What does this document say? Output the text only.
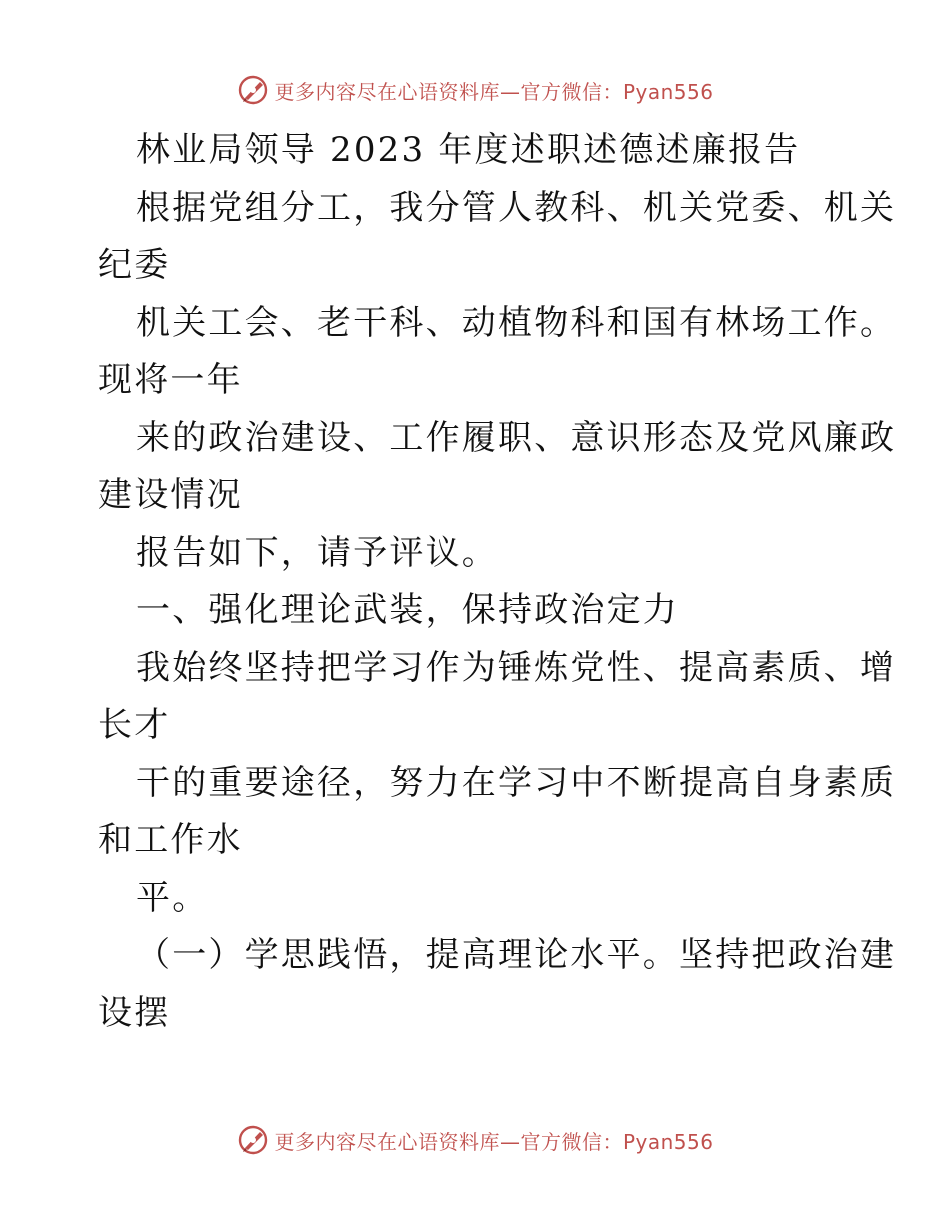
更多内容尽在心语资料库—官方微信：Pyan556

林业局领导 2023 年度述职述德述廉报告

根据党组分工，我分管人教科、机关党委、机关

纪委

机关工会、老干科、动植物科和国有林场工作。

现将一年

来的政治建设、工作履职、意识形态及党风廉政

建设情况

报告如下，请予评议。

一、强化理论武装，保持政治定力

我始终坚持把学习作为锤炼党性、提高素质、增

长才

干的重要途径，努力在学习中不断提高自身素质

和工作水

平。

（一）学思践悟，提高理论水平。坚持把政治建

设摆

更多内容尽在心语资料库—官方微信：Pyan556
